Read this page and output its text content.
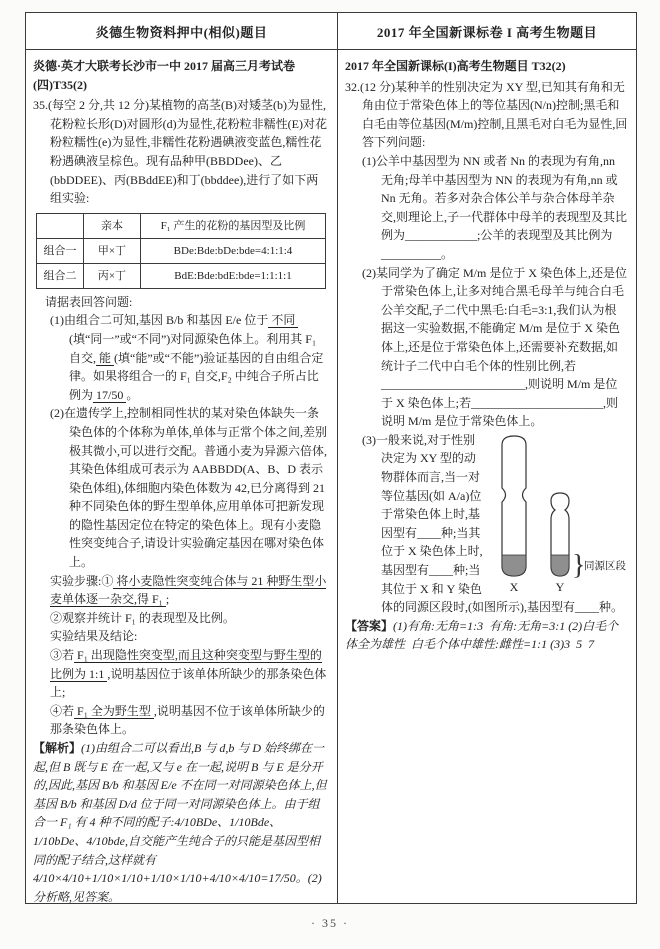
炎德生物资料押中(相似)题目	2017 年全国新课标卷 I 高考生物题目
炎德·英才大联考长沙市一中 2017 届高三月考试卷(四)T35(2)
35.(每空 2 分,共 12 分)某植物的高茎(B)对矮茎(b)为显性,花粉粒长形(D)对圆形(d)为显性,花粉粒非糯性(E)对花粉粒糯性(e)为显性,非糯性花粉遇碘液变蓝色,糯性花粉遇碘液呈棕色。现有品种甲(BBDDee)、乙(bbDDEE)、丙(BBddEE)和丁(bbddee),进行了如下两组实验:
	亲本	F₁ 产生的花粉的基因型及比例
组合一	甲×丁	BDe:Bde:bDe:bde=4:1:1:4
组合二	丙×丁	BdE:Bde:bdE:bde=1:1:1:1
请据表回答问题:
(1)由组合二可知,基因 B/b 和基因 E/e 位于 不同(填“同一”或“不同”)对同源染色体上。利用其 F₁ 自交, 能 (填“能”或“不能”)验证基因的自由组合定律。如果将组合一的 F₁ 自交,F₂ 中纯合子所占比例为 17/50 。
(2)在遗传学上,控制相同性状的某对染色体缺失一条染色体的个体称为单体,单体与正常个体之间,差别极其微小,可以进行交配。普通小麦为异源六倍体,其染色体组成可表示为 AABBDD(A、B、D 表示染色体组),体细胞内染色体数为 42,已分离得到 21 种不同染色体的野生型单体,应用单体可把新发现的隐性基因定位在特定的染色体上。现有小麦隐性突变纯合子,请设计实验确定基因在哪对染色体上。
实验步骤:① 将小麦隐性突变纯合体与 21 种野生型小麦单体逐一杂交,得 F₁ ;
②观察并统计 F₁ 的表现型及比例。
实验结果及结论:
③若 F₁ 出现隐性突变型,而且这种突变型与野生型的比例为 1:1 ,说明基因位于该单体所缺少的那条染色体上;
④若 F₁ 全为野生型 ,说明基因不位于该单体所缺少的那条染色体上。
【解析】(1)由组合二可以看出,B 与 d,b 与 D 始终绑在一起,但 B 既与 E 在一起,又与 e 在一起,说明 B 与 E 是分开的,因此,基因 B/b 和基因 E/e 不在同一对同源染色体上,但基因 B/b 和基因 D/d 位于同一对同源染色体上。由于组合一 F₁ 有 4 种不同的配子:4/10BDe、1/10Bde、1/10bDe、4/10bde,自交能产生纯合子的只能是基因型相同的配子结合,这样就有 4/10×4/10+1/10×1/10+1/10×1/10+4/10×4/10=17/50。(2)分析略,见答案。
2017 年全国新课标(I)高考生物题目 T32(2)
32.(12 分)某种羊的性别决定为 XY 型,已知其有角和无角由位于常染色体上的等位基因(N/n)控制;黑毛和白毛由等位基因(M/m)控制,且黑毛对白毛为显性,回答下列问题:
(1)公羊中基因型为 NN 或者 Nn 的表现为有角,nn 无角;母羊中基因型为 NN 的表现为有角,nn 或 Nn 无角。若多对杂合体公羊与杂合体母羊杂交,则理论上,子一代群体中母羊的表现型及其比例为____________;公羊的表现型及其比例为__________。
(2)某同学为了确定 M/m 是位于 X 染色体上,还是位于常染色体上,让多对纯合黑毛母羊与纯合白毛公羊交配,子二代中黑毛:白毛=3:1,我们认为根据这一实验数据,不能确定 M/m 是位于 X 染色体上,还是位于常染色体上,还需要补充数据,如统计子二代中白毛个体的性别比例,若________________________,则说明 M/m 是位于 X 染色体上;若______________________,则说明 M/m 是位于常染色体上。
}
同源区段
X	Y
(3)一般来说,对于性别决定为 XY 型的动物群体而言,当一对等位基因(如 A/a)位于常染色体上时,基因型有____种;当其位于 X 染色体上时,基因型有____种;当其位于 X 和 Y 染色体的同源区段时,(如图所示),基因型有____种。
【答案】(1)有角:无角=1:3  有角:无角=3:1 (2)白毛个体全为雄性  白毛个体中雄性:雌性=1:1 (3)3  5  7
· 35 ·
